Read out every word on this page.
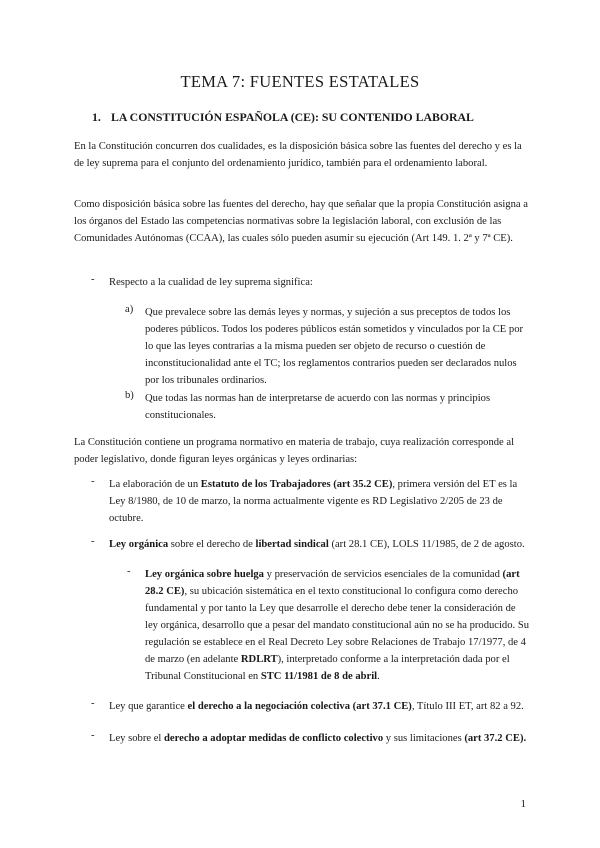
TEMA 7: FUENTES ESTATALES
1. LA CONSTITUCIÓN ESPAÑOLA (CE): SU CONTENIDO LABORAL
En la Constitución concurren dos cualidades, es la disposición básica sobre las fuentes del derecho y es la de ley suprema para el conjunto del ordenamiento jurídico, también para el ordenamiento laboral.
Como disposición básica sobre las fuentes del derecho, hay que señalar que la propia Constitución asigna a los órganos del Estado las competencias normativas sobre la legislación laboral, con exclusión de las Comunidades Autónomas (CCAA), las cuales sólo pueden asumir su ejecución (Art 149. 1. 2ª y 7ª CE).
- Respecto a la cualidad de ley suprema significa:
a) Que prevalece sobre las demás leyes y normas, y sujeción a sus preceptos de todos los poderes públicos. Todos los poderes públicos están sometidos y vinculados por la CE por lo que las leyes contrarias a la misma pueden ser objeto de recurso o cuestión de inconstitucionalidad ante el TC; los reglamentos contrarios pueden ser declarados nulos por los tribunales ordinarios.
b) Que todas las normas han de interpretarse de acuerdo con las normas y principios constitucionales.
La Constitución contiene un programa normativo en materia de trabajo, cuya realización corresponde al poder legislativo, donde figuran leyes orgánicas y leyes ordinarias:
- La elaboración de un Estatuto de los Trabajadores (art 35.2 CE), primera versión del ET es la Ley 8/1980, de 10 de marzo, la norma actualmente vigente es RD Legislativo 2/205 de 23 de octubre.
- Ley orgánica sobre el derecho de libertad sindical (art 28.1 CE), LOLS 11/1985, de 2 de agosto.
- Ley orgánica sobre huelga y preservación de servicios esenciales de la comunidad (art 28.2 CE), su ubicación sistemática en el texto constitucional lo configura como derecho fundamental y por tanto la Ley que desarrolle el derecho debe tener la consideración de ley orgánica, desarrollo que a pesar del mandato constitucional aún no se ha producido. Su regulación se establece en el Real Decreto Ley sobre Relaciones de Trabajo 17/1977, de 4 de marzo (en adelante RDLRT), interpretado conforme a la interpretación dada por el Tribunal Constitucional en STC 11/1981 de 8 de abril.
- Ley que garantice el derecho a la negociación colectiva (art 37.1 CE), Título III ET, art 82 a 92.
- Ley sobre el derecho a adoptar medidas de conflicto colectivo y sus limitaciones (art 37.2 CE).
1
